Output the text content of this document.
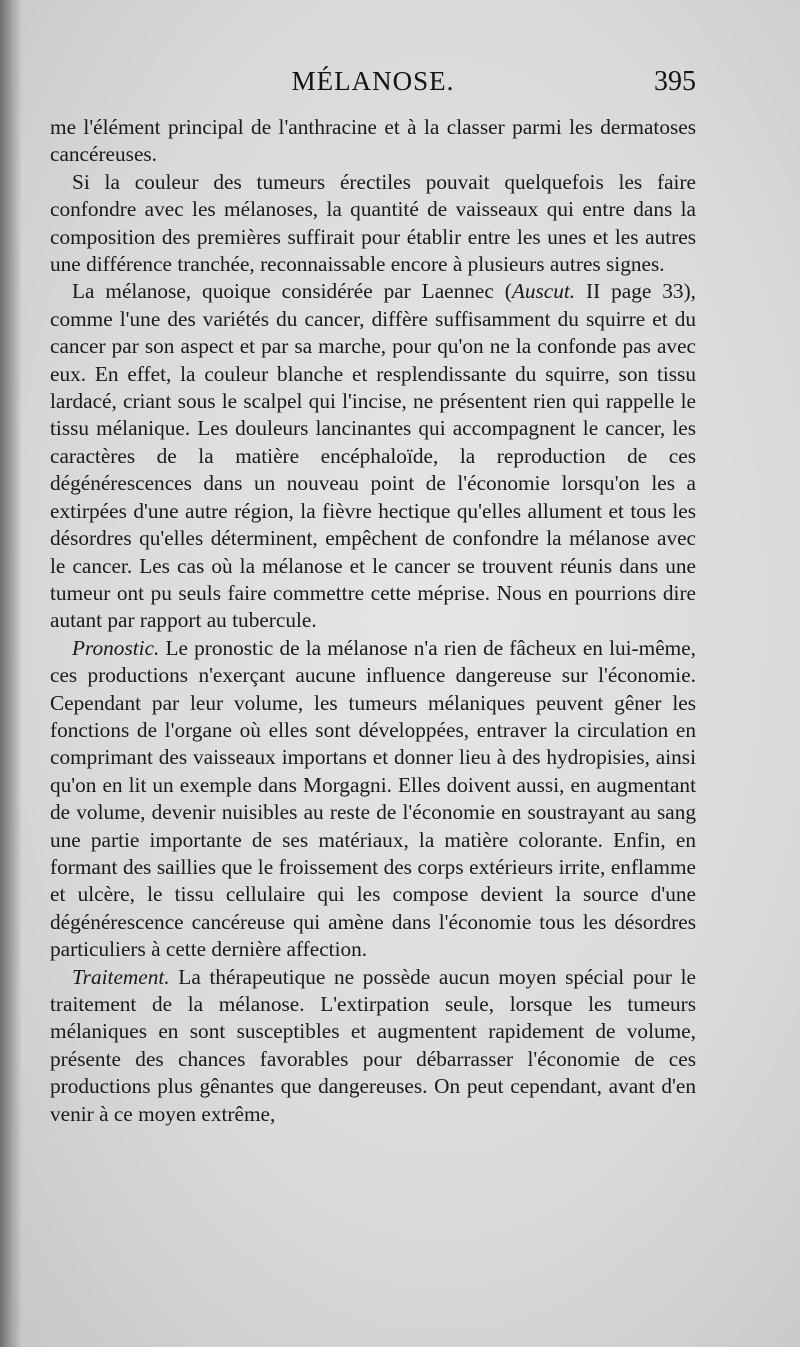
MÉLANOSE.	395

me l'élément principal de l'anthracine et à la classer parmi les dermatoses cancéreuses.

Si la couleur des tumeurs érectiles pouvait quelquefois les faire confondre avec les mélanoses, la quantité de vaisseaux qui entre dans la composition des premières suffirait pour établir entre les unes et les autres une différence tranchée, reconnaissable encore à plusieurs autres signes.

La mélanose, quoique considérée par Laennec (Auscut. II page 33), comme l'une des variétés du cancer, diffère suffisamment du squirre et du cancer par son aspect et par sa marche, pour qu'on ne la confonde pas avec eux. En effet, la couleur blanche et resplendissante du squirre, son tissu lardacé, criant sous le scalpel qui l'incise, ne présentent rien qui rappelle le tissu mélanique. Les douleurs lancinantes qui accompagnent le cancer, les caractères de la matière encéphaloïde, la reproduction de ces dégénérescences dans un nouveau point de l'économie lorsqu'on les a extirpées d'une autre région, la fièvre hectique qu'elles allument et tous les désordres qu'elles déterminent, empêchent de confondre la mélanose avec le cancer. Les cas où la mélanose et le cancer se trouvent réunis dans une tumeur ont pu seuls faire commettre cette méprise. Nous en pourrions dire autant par rapport au tubercule.

Pronostic. Le pronostic de la mélanose n'a rien de fâcheux en lui-même, ces productions n'exerçant aucune influence dangereuse sur l'économie. Cependant par leur volume, les tumeurs mélaniques peuvent gêner les fonctions de l'organe où elles sont développées, entraver la circulation en comprimant des vaisseaux importans et donner lieu à des hydropisies, ainsi qu'on en lit un exemple dans Morgagni. Elles doivent aussi, en augmentant de volume, devenir nuisibles au reste de l'économie en soustrayant au sang une partie importante de ses matériaux, la matière colorante. Enfin, en formant des saillies que le froissement des corps extérieurs irrite, enflamme et ulcère, le tissu cellulaire qui les compose devient la source d'une dégénérescence cancéreuse qui amène dans l'économie tous les désordres particuliers à cette dernière affection.

Traitement. La thérapeutique ne possède aucun moyen spécial pour le traitement de la mélanose. L'extirpation seule, lorsque les tumeurs mélaniques en sont susceptibles et augmentent rapidement de volume, présente des chances favorables pour débarrasser l'économie de ces productions plus gênantes que dangereuses. On peut cependant, avant d'en venir à ce moyen extrême,
